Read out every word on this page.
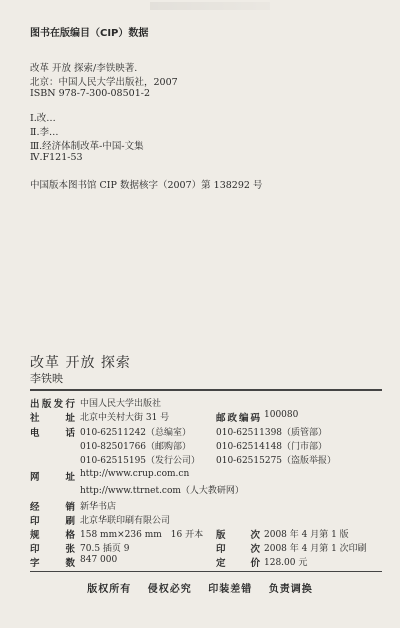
图书在版编目（CIP）数据
改革 开放 探索/李铁映著.
北京：中国人民大学出版社，2007
ISBN 978-7-300-08501-2
Ⅰ.改…
Ⅱ.李…
Ⅲ.经济体制改革-中国-文集
Ⅳ.F121-53
中国版本图书馆 CIP 数据核字（2007）第 138292 号
改革 开放 探索
李铁映
出版发行 中国人民大学出版社
社　址 北京中关村大街 31 号	邮政编码 100080
电　话 010-62511242（总编室）	010-62511398（质管部）
010-82501766（邮购部）	010-62514148（门市部）
010-62515195（发行公司） 010-62515275（盗版举报）
网　址 http://www.crup.com.cn
http://www.ttrnet.com（人大教研网）
经　销 新华书店
印　刷 北京华联印刷有限公司
规　格 158 mm×236 mm　16 开本 版　次 2008 年 4 月第 1 版
印　张 70.5 插页 9	印　次 2008 年 4 月第 1 次印刷
字　数 847 000	定　价 128.00 元
版权所有 侵权必究 印装差错 负责调换
